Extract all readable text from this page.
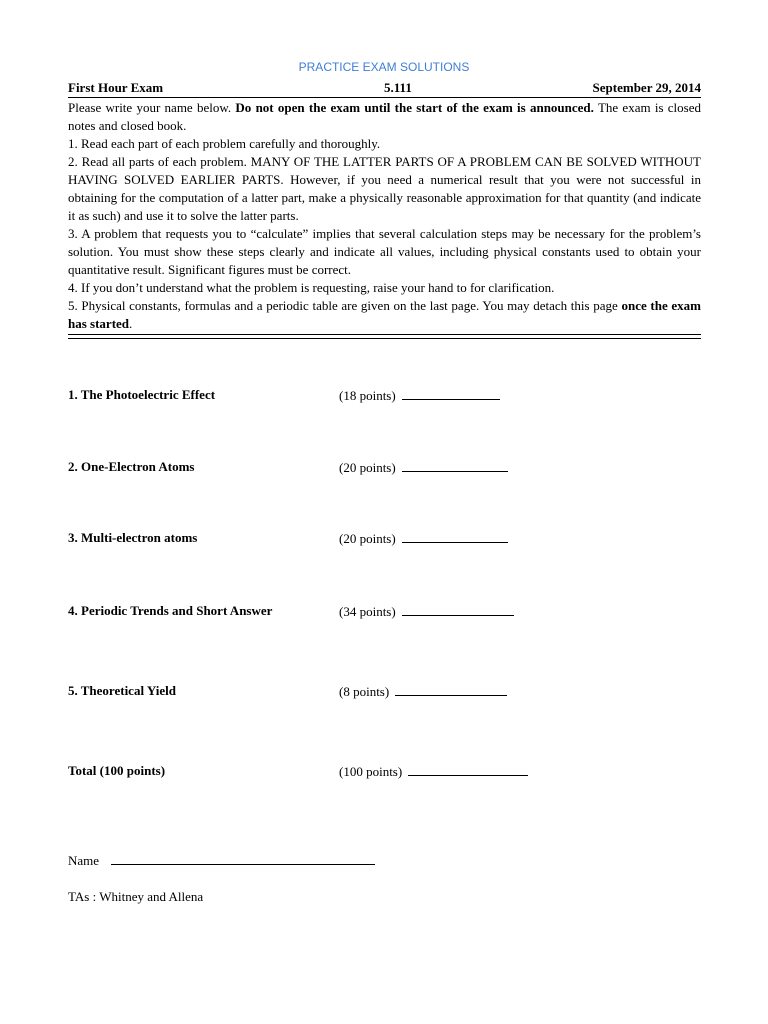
PRACTICE EXAM SOLUTIONS
First Hour Exam	5.111	September 29, 2014

Please write your name below. Do not open the exam until the start of the exam is announced. The exam is closed notes and closed book.

1. Read each part of each problem carefully and thoroughly.

2. Read all parts of each problem. MANY OF THE LATTER PARTS OF A PROBLEM CAN BE SOLVED WITHOUT HAVING SOLVED EARLIER PARTS. However, if you need a numerical result that you were not successful in obtaining for the computation of a latter part, make a physically reasonable approximation for that quantity (and indicate it as such) and use it to solve the latter parts.

3. A problem that requests you to “calculate” implies that several calculation steps may be necessary for the problem’s solution. You must show these steps clearly and indicate all values, including physical constants used to obtain your quantitative result. Significant figures must be correct.

4. If you don’t understand what the problem is requesting, raise your hand to for clarification.

5. Physical constants, formulas and a periodic table are given on the last page. You may detach this page once the exam has started.

1. The Photoelectric Effect	(18 points)
2. One-Electron Atoms	(20 points)
3. Multi-electron atoms	(20 points)
4. Periodic Trends and Short Answer	(34 points)
5. Theoretical Yield	(8 points)
Total (100 points)	(100 points)
Name
TAs : Whitney and Allena
